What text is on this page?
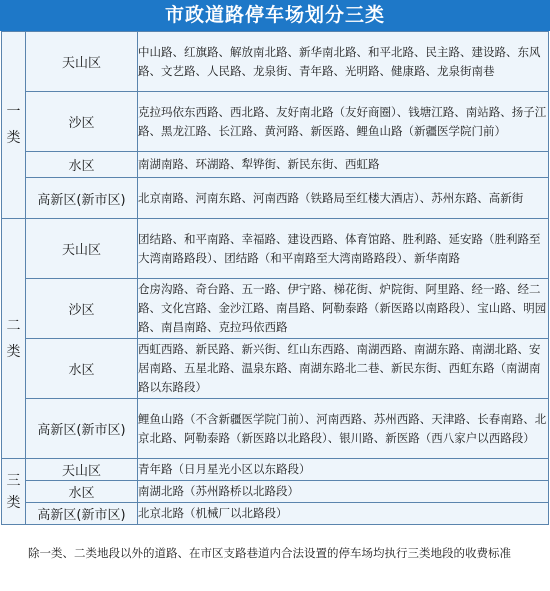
市政道路停车场划分三类
一
类	天山区	中山路、红旗路、解放南北路、新华南北路、和平北路、民主路、建设路、东风路、文艺路、人民路、龙泉街、青年路、光明路、健康路、龙泉街南巷
	沙区	克拉玛依东西路、西北路、友好南北路（友好商圈）、钱塘江路、南站路、扬子江路、黑龙江路、长江路、黄河路、新医路、鲤鱼山路（新疆医学院门前）
	水区	南湖南路、环湖路、犁铧街、新民东街、西虹路
	高新区(新市区)	北京南路、河南东路、河南西路（铁路局至红楼大酒店）、苏州东路、高新街

二
类	天山区	团结路、和平南路、幸福路、建设西路、体育馆路、胜利路、延安路（胜利路至大湾南路路段）、团结路（和平南路至大湾南路路段）、新华南路
	沙区	仓房沟路、奇台路、五一路、伊宁路、梯花街、炉院街、阿里路、经一路、经二路、文化宫路、金沙江路、南昌路、阿勒泰路（新医路以南路段）、宝山路、明园路、南昌南路、克拉玛依西路
	水区	西虹西路、新民路、新兴街、红山东西路、南湖西路、南湖东路、南湖北路、安居南路、五星北路、温泉东路、南湖东路北二巷、新民东街、西虹东路（南湖南路以东路段）
	高新区(新市区)	鲤鱼山路（不含新疆医学院门前）、河南西路、苏州西路、天津路、长春南路、北京北路、阿勒泰路（新医路以北路段）、银川路、新医路（西八家户以西路段）

三
类	天山区	青年路（日月星光小区以东路段）
	水区	南湖北路（苏州路桥以北路段）
	高新区(新市区)	北京北路（机械厂以北路段）
除一类、二类地段以外的道路、在市区支路巷道内合法设置的停车场均执行三类地段的收费标准
